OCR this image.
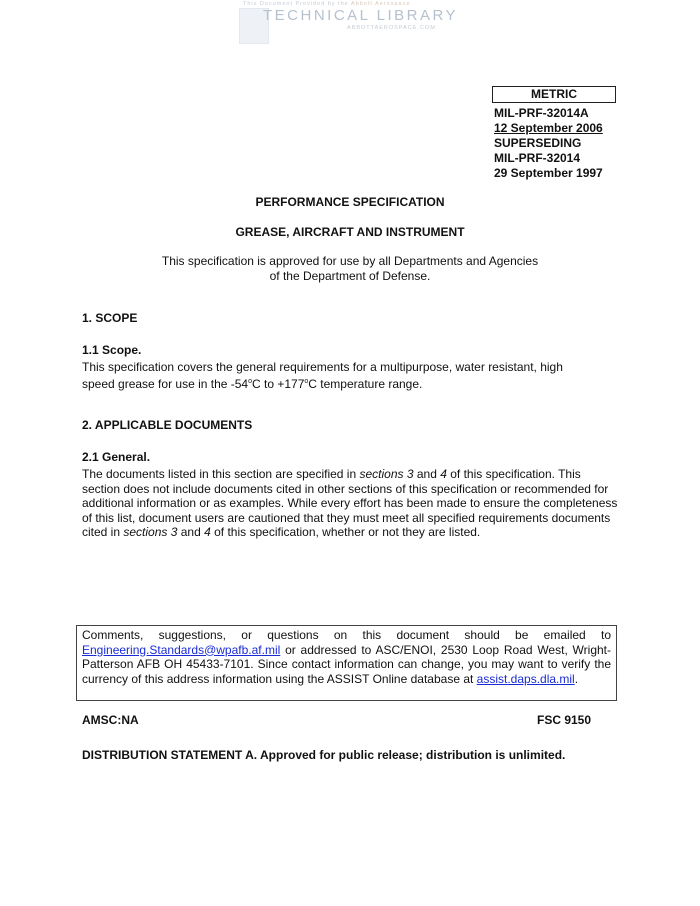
This Document Provided by the Abbott Aerospace
TECHNICAL LIBRARY
ABBOTTAEROSPACE.COM
METRIC
MIL-PRF-32014A
12 September 2006
SUPERSEDING
MIL-PRF-32014
29 September 1997
PERFORMANCE SPECIFICATION
GREASE, AIRCRAFT AND INSTRUMENT
This specification is approved for use by all Departments and Agencies
of the Department of Defense.
1. SCOPE
1.1 Scope.
This specification covers the general requirements for a multipurpose, water resistant, high
speed grease for use in the -54$^o$C to $+177^oC$ temperature range.
2. APPLICABLE DOCUMENTS
2.1 General.
The documents listed in this section are specified in sections 3 and 4 of this specification. This section does not include documents cited in other sections of this specification or recommended for additional information or as examples. While every effort has been made to ensure the completeness of this list, document users are cautioned that they must meet all specified requirements documents cited in sections 3 and 4 of this specification, whether or not they are listed.
Comments, suggestions, or questions on this document should be emailed to Engineering.Standards@wpafb.af.mil or addressed to ASC/ENOI, 2530 Loop Road West, Wright-Patterson AFB OH 45433-7101. Since contact information can change, you may want to verify the currency of this address information using the ASSIST Online database at assist.daps.dla.mil.
AMSC:NA	FSC 9150
DISTRIBUTION STATEMENT A. Approved for public release; distribution is unlimited.
